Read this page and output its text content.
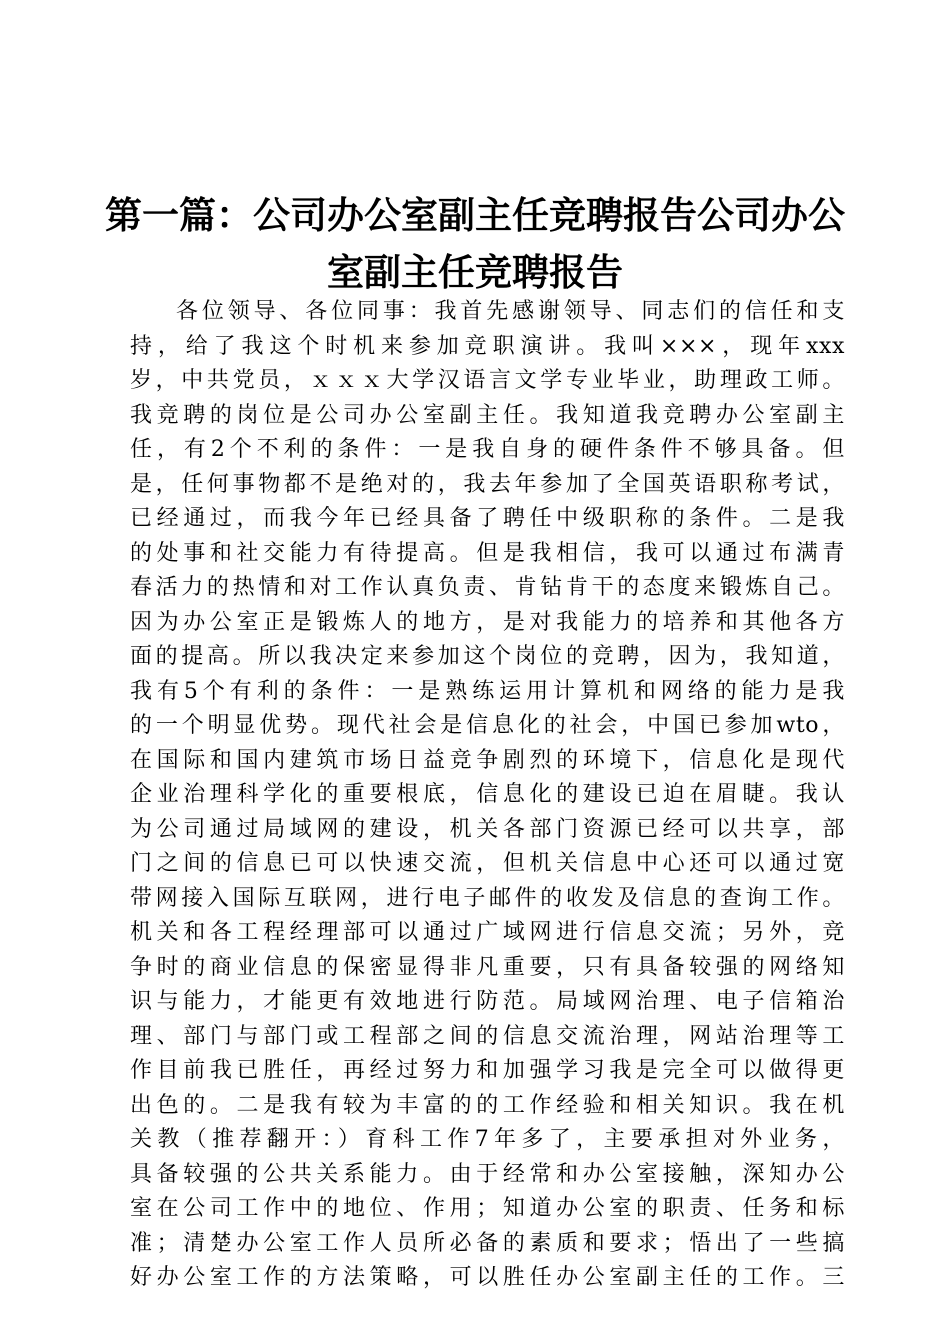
第一篇：公司办公室副主任竞聘报告公司办公
室副主任竞聘报告
各位领导、各位同事：我首先感谢领导、同志们的信任和支
持，给了我这个时机来参加竞职演讲。我叫×××，现年xxx
岁，中共党员，ｘｘｘ大学汉语言文学专业毕业，助理政工师。
我竞聘的岗位是公司办公室副主任。我知道我竞聘办公室副主
任，有2个不利的条件：一是我自身的硬件条件不够具备。但
是，任何事物都不是绝对的，我去年参加了全国英语职称考试，
已经通过，而我今年已经具备了聘任中级职称的条件。二是我
的处事和社交能力有待提高。但是我相信，我可以通过布满青
春活力的热情和对工作认真负责、肯钻肯干的态度来锻炼自己。
因为办公室正是锻炼人的地方，是对我能力的培养和其他各方
面的提高。所以我决定来参加这个岗位的竞聘，因为，我知道，
我有5个有利的条件：一是熟练运用计算机和网络的能力是我
的一个明显优势。现代社会是信息化的社会，中国已参加wto，
在国际和国内建筑市场日益竞争剧烈的环境下，信息化是现代
企业治理科学化的重要根底，信息化的建设已迫在眉睫。我认
为公司通过局域网的建设，机关各部门资源已经可以共享，部
门之间的信息已可以快速交流，但机关信息中心还可以通过宽
带网接入国际互联网，进行电子邮件的收发及信息的查询工作。
机关和各工程经理部可以通过广域网进行信息交流；另外，竞
争时的商业信息的保密显得非凡重要，只有具备较强的网络知
识与能力，才能更有效地进行防范。局域网治理、电子信箱治
理、部门与部门或工程部之间的信息交流治理，网站治理等工
作目前我已胜任，再经过努力和加强学习我是完全可以做得更
出色的。二是我有较为丰富的的工作经验和相关知识。我在机
关教（推荐翻开：）育科工作7年多了，主要承担对外业务，
具备较强的公共关系能力。由于经常和办公室接触，深知办公
室在公司工作中的地位、作用；知道办公室的职责、任务和标
准；清楚办公室工作人员所必备的素质和要求；悟出了一些搞
好办公室工作的方法策略，可以胜任办公室副主任的工作。三
